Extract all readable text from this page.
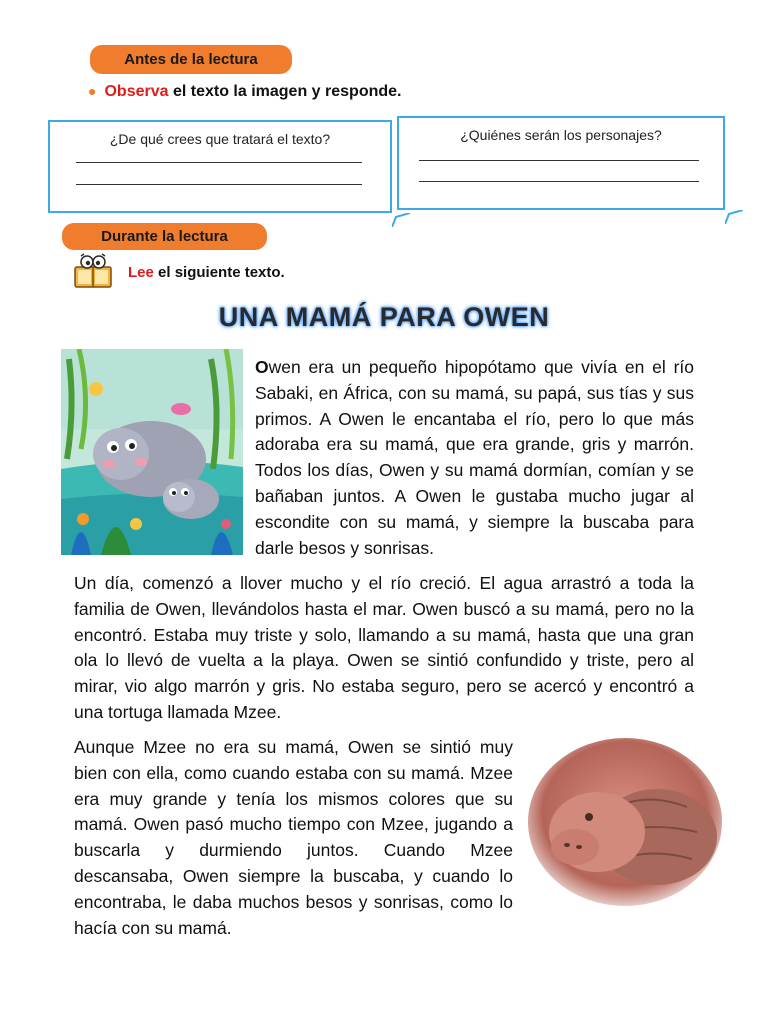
Antes de la lectura
● Observa el texto la imagen y responde.
¿De qué crees que tratará el texto?	¿Quiénes serán los personajes?
Durante la lectura
Lee el siguiente texto.
UNA MAMÁ PARA OWEN
Owen era un pequeño hipopótamo que vivía en el río Sabaki, en África, con su mamá, su papá, sus tías y sus primos. A Owen le encantaba el río, pero lo que más adoraba era su mamá, que era grande, gris y marrón. Todos los días, Owen y su mamá dormían, comían y se bañaban juntos. A Owen le gustaba mucho jugar al escondite con su mamá, y siempre la buscaba para darle besos y sonrisas.
Un día, comenzó a llover mucho y el río creció. El agua arrastró a toda la familia de Owen, llevándolos hasta el mar. Owen buscó a su mamá, pero no la encontró. Estaba muy triste y solo, llamando a su mamá, hasta que una gran ola lo llevó de vuelta a la playa. Owen se sintió confundido y triste, pero al mirar, vio algo marrón y gris. No estaba seguro, pero se acercó y encontró a una tortuga llamada Mzee.
Aunque Mzee no era su mamá, Owen se sintió muy bien con ella, como cuando estaba con su mamá. Mzee era muy grande y tenía los mismos colores que su mamá. Owen pasó mucho tiempo con Mzee, jugando a buscarla y durmiendo juntos. Cuando Mzee descansaba, Owen siempre la buscaba, y cuando lo encontraba, le daba muchos besos y sonrisas, como lo hacía con su mamá.
